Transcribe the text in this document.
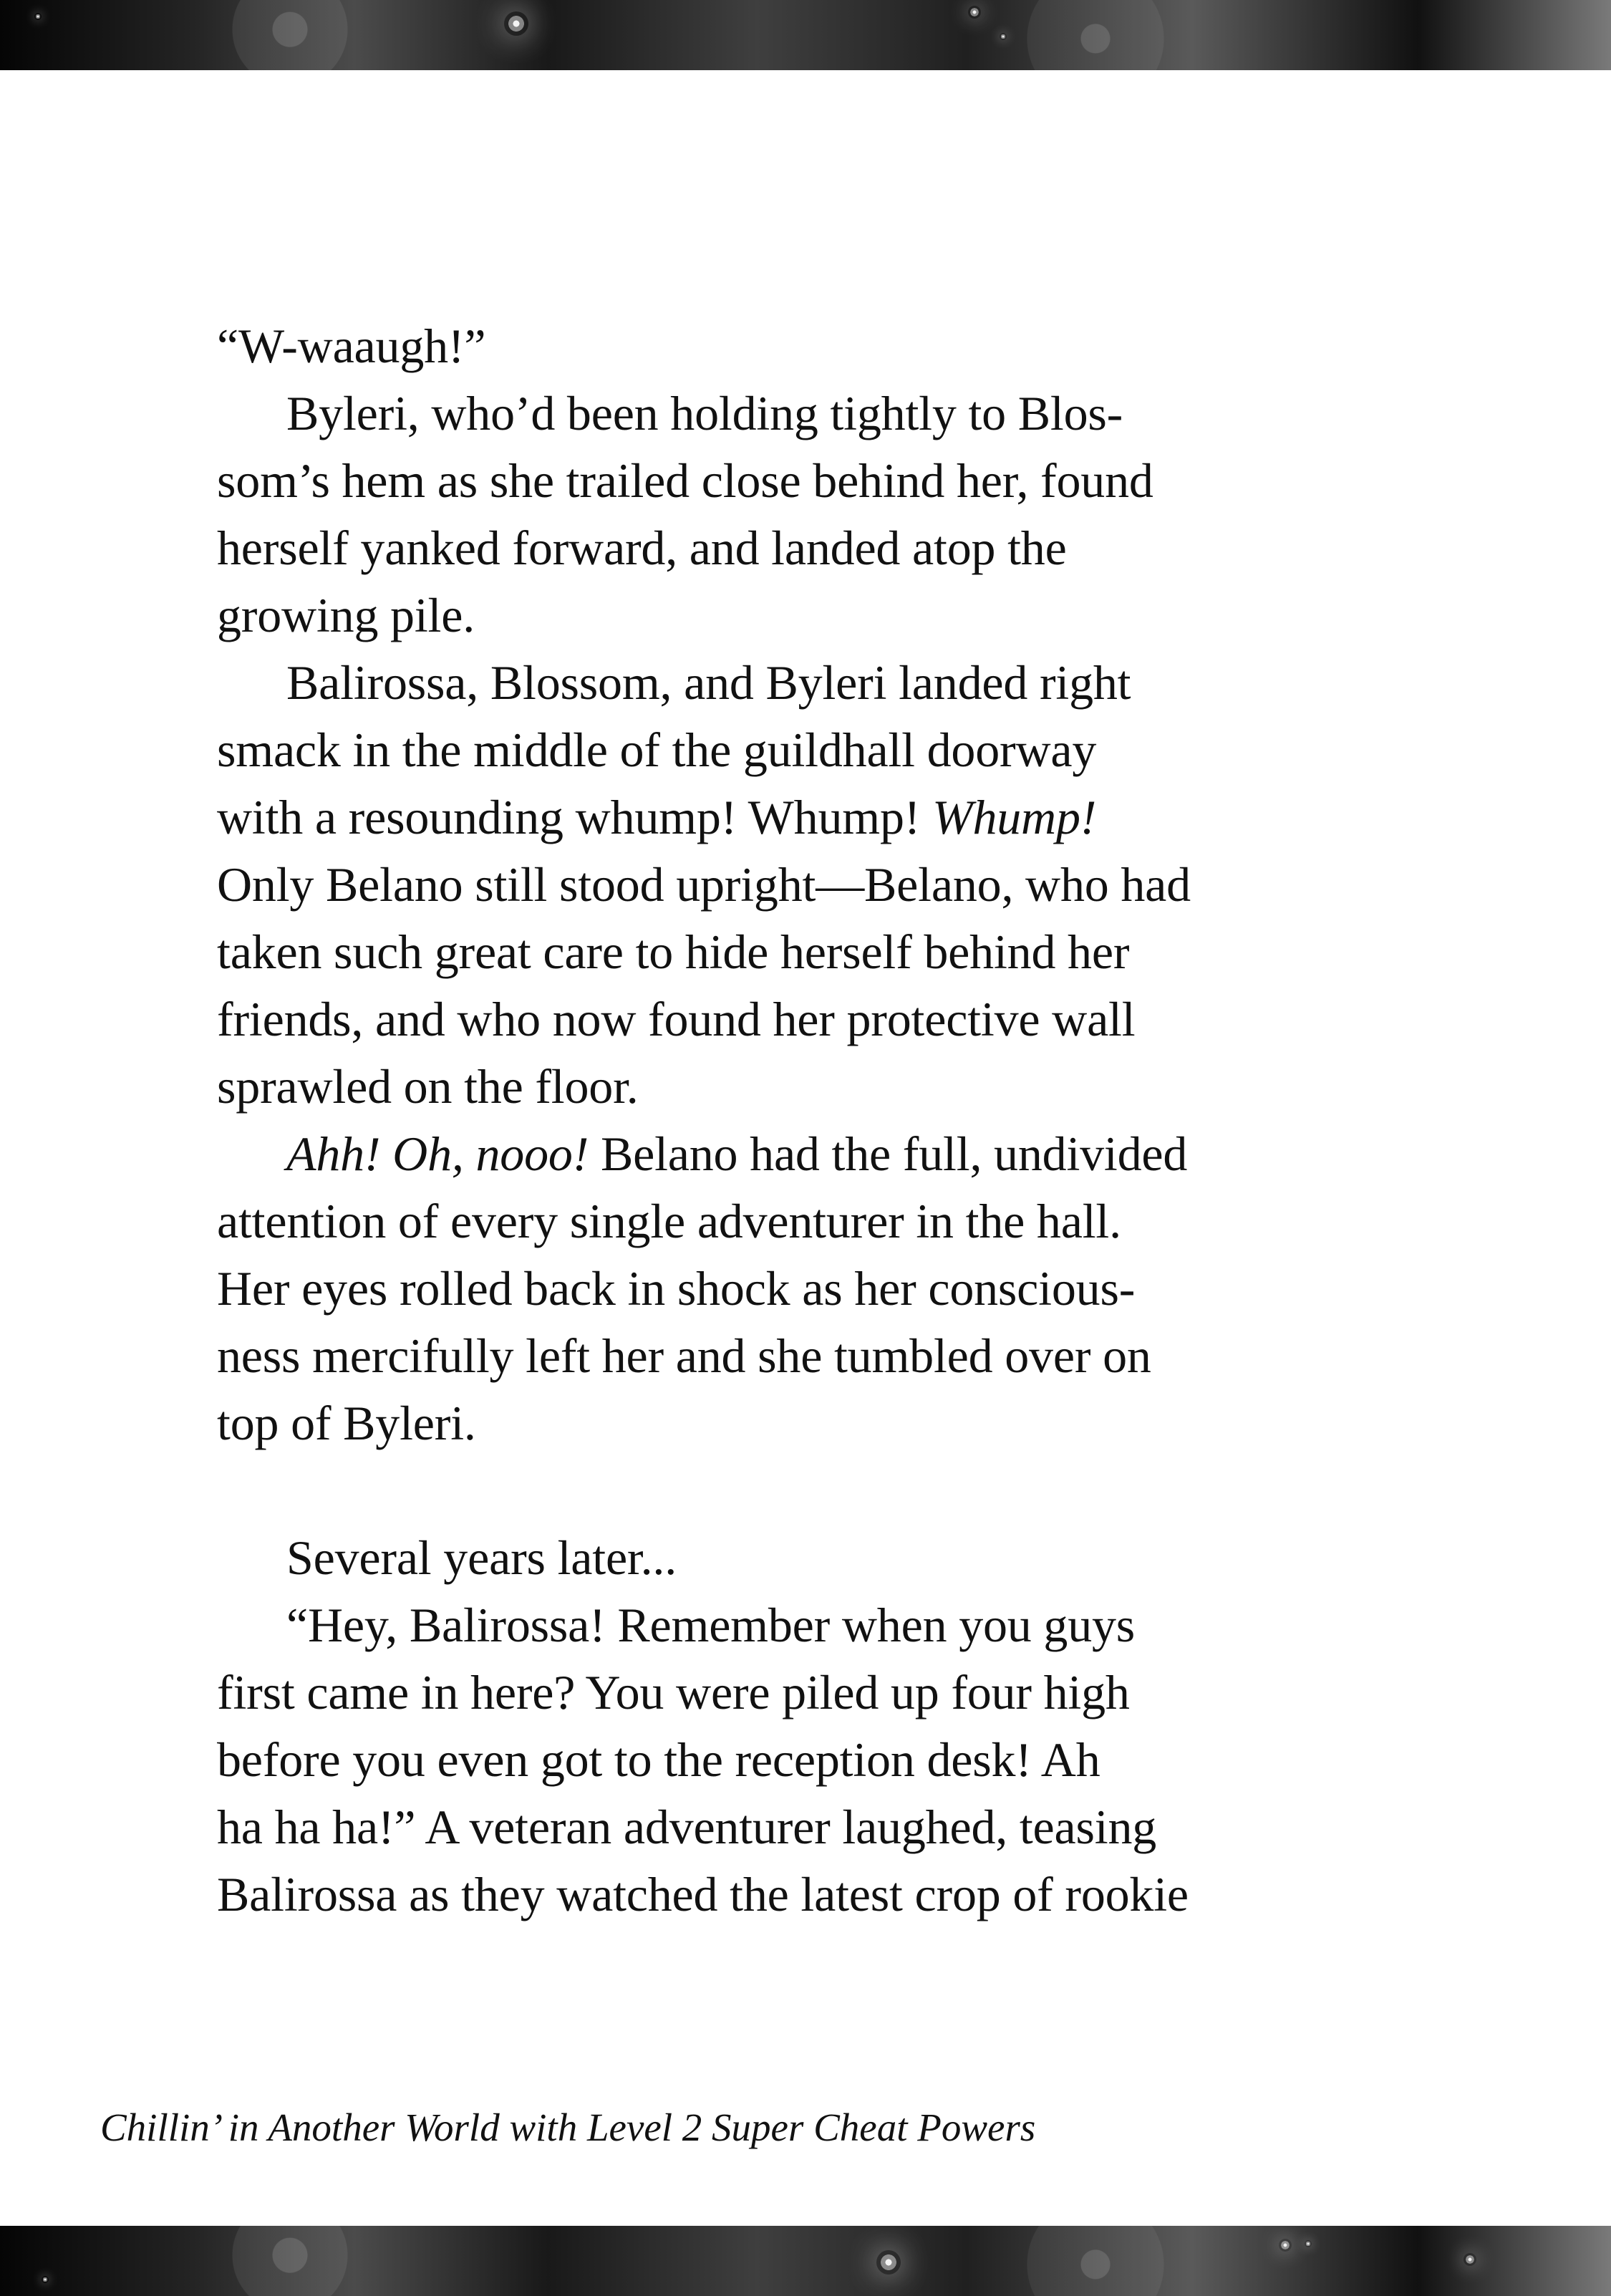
“W-waaugh!”

Byleri, who’d been holding tightly to Blos-
som’s hem as she trailed close behind her, found
herself yanked forward, and landed atop the
growing pile.

Balirossa, Blossom, and Byleri landed right
smack in the middle of the guildhall doorway
with a resounding whump! Whump! Whump!
Only Belano still stood upright—Belano, who had
taken such great care to hide herself behind her
friends, and who now found her protective wall
sprawled on the floor.

Ahh! Oh, nooo! Belano had the full, undivided
attention of every single adventurer in the hall.
Her eyes rolled back in shock as her conscious-
ness mercifully left her and she tumbled over on
top of Byleri.

Several years later...

“Hey, Balirossa! Remember when you guys
first came in here? You were piled up four high
before you even got to the reception desk! Ah
ha ha ha!” A veteran adventurer laughed, teasing
Balirossa as they watched the latest crop of rookie

Chillin’ in Another World with Level 2 Super Cheat Powers
